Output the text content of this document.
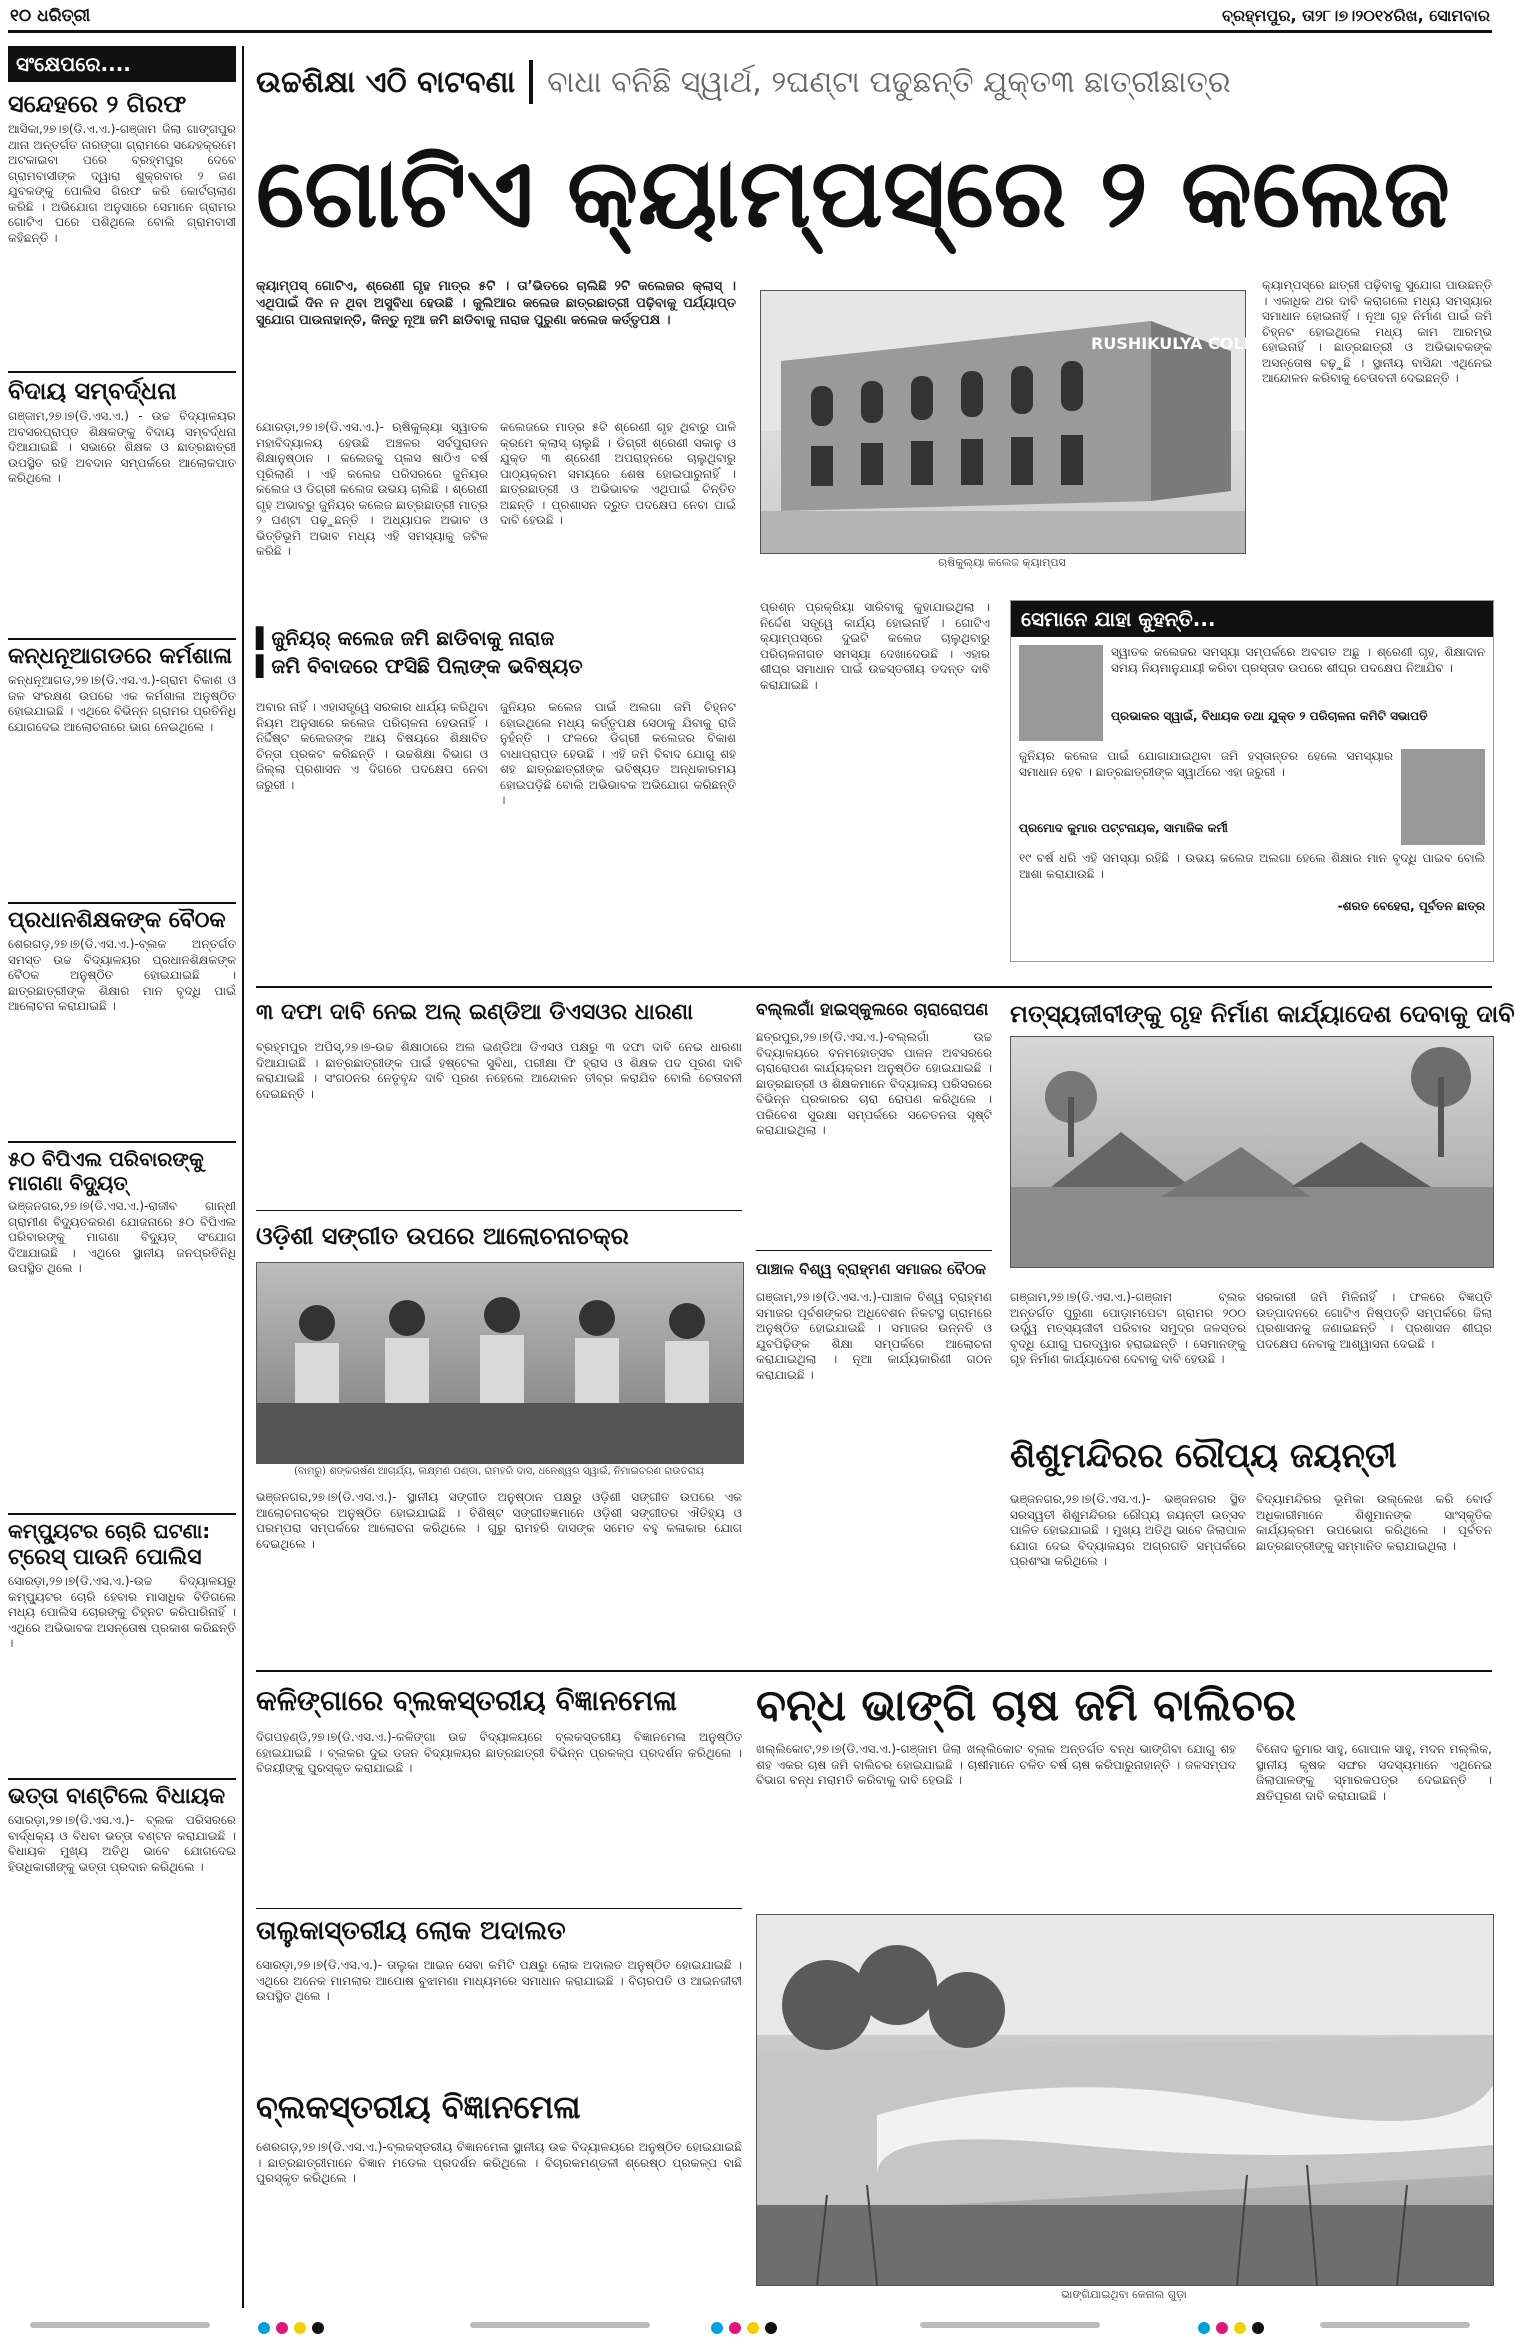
୧୦ ଧରିତ୍ରୀ	ବ୍ରହ୍ମପୁର, ତା୨୮।୭।୨୦୧୪ରିଖ, ସୋମବାର
ସଂକ୍ଷେପରେ....
ସନ୍ଦେହରେ ୨ ଗିରଫ
ଆସିକା,୨୭।୭(ଡି.ଏ.ଏ.)-ଗଞ୍ଜାମ ଜିଲା ଗାଙ୍ଗପୁର ଥାନା ଅନ୍ତର୍ଗତ ନାରଙ୍ଗା ଗ୍ରାମରେ ସନ୍ଦେହକ୍ରମେ ଅଟକାଇବା ପରେ ବ୍ରହ୍ମପୁର ଦେବେ ଗ୍ରାମବାସୀଙ୍କ ଦ୍ୱାରା ଶୁକ୍ରବାର ୨ ଜଣ ଯୁବକଙ୍କୁ ପୋଲିସ ଗିରଫ କରି କୋର୍ଟଚାଲାଣ କରିଛି । ଅଭିଯୋଗ ଅନୁସାରେ ସେମାନେ ଗ୍ରାମର ଗୋଟିଏ ଘରେ ପଶିଥିଲେ ବୋଲି ଗ୍ରାମବାସୀ କହିଛନ୍ତି ।
ବିଦାୟ ସମ୍ବର୍ଦ୍ଧନା
ଗଞ୍ଜାମ,୨୭।୭(ଡି.ଏସ.ଏ.) - ଉଚ୍ଚ ବିଦ୍ୟାଳୟର ଅବସରପ୍ରାପ୍ତ ଶିକ୍ଷକଙ୍କୁ ବିଦାୟ ସମ୍ବର୍ଦ୍ଧନା ଦିଆଯାଇଛି । ସଭାରେ ଶିକ୍ଷକ ଓ ଛାତ୍ରଛାତ୍ରୀ ଉପସ୍ଥିତ ରହି ଅବଦାନ ସମ୍ପର୍କରେ ଆଲୋକପାତ କରିଥିଲେ ।
କନ୍ଧନୂଆଗଡରେ କର୍ମଶାଳା
କନ୍ଧନୂଆଗଡ,୨୭।୭(ଡି.ଏସ.ଏ.)-ଗ୍ରାମ ବିକାଶ ଓ ଜଳ ସଂରକ୍ଷଣ ଉପରେ ଏକ କର୍ମଶାଳା ଅନୁଷ୍ଠିତ ହୋଇଯାଇଛି । ଏଥିରେ ବିଭିନ୍ନ ଗ୍ରାମର ପ୍ରତିନିଧି ଯୋଗଦେଇ ଆଲୋଚନାରେ ଭାଗ ନେଇଥିଲେ ।
ପ୍ରଧାନଶିକ୍ଷକଙ୍କ ବୈଠକ
ଶେରଗଡ଼,୨୭।୭(ଡି.ଏସ.ଏ.)-ବ୍ଲକ ଅନ୍ତର୍ଗତ ସମସ୍ତ ଉଚ୍ଚ ବିଦ୍ୟାଳୟର ପ୍ରଧାନଶିକ୍ଷକଙ୍କ ବୈଠକ ଅନୁଷ୍ଠିତ ହୋଇଯାଇଛି । ଛାତ୍ରଛାତ୍ରୀଙ୍କ ଶିକ୍ଷାର ମାନ ବୃଦ୍ଧି ପାଇଁ ଆଲୋଚନା କରାଯାଇଛି ।
୫୦ ବିପିଏଲ ପରିବାରଙ୍କୁ ମାଗଣା ବିଦ୍ୟୁତ୍
ଭଞ୍ଜନଗର,୨୭।୭(ଡି.ଏସ.ଏ.)-ରାଜୀବ ଗାନ୍ଧୀ ଗ୍ରାମୀଣ ବିଦ୍ୟୁତକରଣ ଯୋଜନାରେ ୫୦ ବିପିଏଲ ପରିବାରଙ୍କୁ ମାଗଣା ବିଦ୍ୟୁତ୍ ସଂଯୋଗ ଦିଆଯାଇଛି । ଏଥିରେ ସ୍ଥାନୀୟ ଜନପ୍ରତିନିଧି ଉପସ୍ଥିତ ଥିଲେ ।
କମ୍ପ୍ୟୁଟର ଚୋରି ଘଟଣା:
ଟ୍ରେସ୍ ପାଉନି ପୋଲିସ
ସୋରଡ଼ା,୨୭।୭(ଡି.ଏସ.ଏ.)-ଉଚ୍ଚ ବିଦ୍ୟାଳୟରୁ କମ୍ପ୍ୟୁଟର ଚୋରି ହେବାର ମାସାଧିକ ବିତିଗଲେ ମଧ୍ୟ ପୋଲିସ ଚୋରଙ୍କୁ ଚିହ୍ନଟ କରିପାରିନାହିଁ । ଏଥିରେ ଅଭିଭାବକ ଅସନ୍ତୋଷ ପ୍ରକାଶ କରିଛନ୍ତି ।
ଭତ୍ତା ବାଣ୍ଟିଲେ ବିଧାୟକ
ସୋରଡ଼ା,୨୭।୭(ଡି.ଏସ.ଏ.)- ବ୍ଲକ ପରିସରରେ ବାର୍ଦ୍ଧକ୍ୟ ଓ ବିଧବା ଭତ୍ତା ବଣ୍ଟନ କରାଯାଇଛି । ବିଧାୟକ ମୁଖ୍ୟ ଅତିଥି ଭାବେ ଯୋଗଦେଇ ହିତାଧିକାରୀଙ୍କୁ ଭତ୍ତା ପ୍ରଦାନ କରିଥିଲେ ।
ଉଚ୍ଚଶିକ୍ଷା ଏଠି ବାଟବଣା ବାଧା ବନିଛି ସ୍ୱାର୍ଥ, ୨ଘଣ୍ଟା ପଢୁଛନ୍ତି ଯୁକ୍ତ୩ ଛାତ୍ରୀଛାତ୍ର
ଗୋଟିଏ କ୍ୟାମ୍ପସ୍‌ରେ ୨ କଲେଜ
କ୍ୟାମ୍ପସ୍ ଗୋଟିଏ, ଶ୍ରେଣୀ ଗୃହ ମାତ୍ର ୫ଟି । ତା’ଭିତରେ ଚାଲିଛି ୨ଟି କଲେଜର କ୍ଲାସ୍ । ଏଥିପାଇଁ ଦିନ ନ ଥିବା ଅସୁବିଧା ହେଉଛି । କୁଲିଆର କଲେଜ ଛାତ୍ରଛାତ୍ରୀ ପଢ଼ିବାକୁ ପର୍ଯ୍ୟାପ୍ତ ସୁଯୋଗ ପାଉନାହାନ୍ତି, କିନ୍ତୁ ନୂଆ ଜମି ଛାଡିବାକୁ ନାରାଜ ପୁରୁଣା କଲେଜ କର୍ତ୍ତୃପକ୍ଷ ।
ଯୋରଡ଼ା,୨୭।୭(ଡି.ଏସ.ଏ.)- ଋଷିକୁଲ୍ୟା ସ୍ୱାତକ ମହାବିଦ୍ୟାଳୟ ହେଉଛି ଅଞ୍ଚଳର ସର୍ବପୁରାତନ ଶିକ୍ଷାନୁଷ୍ଠାନ । କଲେଜକୁ ପ୍ଲସ ଷାଠିଏ ବର୍ଷ ପୂରିଲାଣି । ଏହି କଲେଜ ପରିସରରେ ଜୁନିୟର କଲେଜ ଓ ଡିଗ୍ରୀ କଲେଜ ଉଭୟ ଚାଲିଛି । ଶ୍ରେଣୀ ଗୃହ ଅଭାବରୁ ଜୁନିୟର କଲେଜ ଛାତ୍ରଛାତ୍ରୀ ମାତ୍ର ୨ ଘଣ୍ଟା ପଢ଼ୁଛନ୍ତି । ଅଧ୍ୟାପକ ଅଭାବ ଓ ଭିତ୍ତିଭୂମି ଅଭାବ ମଧ୍ୟ ଏହି ସମସ୍ୟାକୁ ଜଟିଳ କରିଛି ।
କଲେଜରେ ମାତ୍ର ୫ଟି ଶ୍ରେଣୀ ଗୃହ ଥିବାରୁ ପାଳି କ୍ରମେ କ୍ଲାସ୍ ଚାଲୁଛି । ଡିଗ୍ରୀ ଶ୍ରେଣୀ ସକାଳୁ ଓ ଯୁକ୍ତ ୩ ଶ୍ରେଣୀ ଅପରାହ୍ନରେ ଚାଲୁଥିବାରୁ ପାଠ୍ୟକ୍ରମ ସମୟରେ ଶେଷ ହୋଇପାରୁନାହିଁ । ଛାତ୍ରଛାତ୍ରୀ ଓ ଅଭିଭାବକ ଏଥିପାଇଁ ଚିନ୍ତିତ ଅଛନ୍ତି । ପ୍ରଶାସନ ଦ୍ରୁତ ପଦକ୍ଷେପ ନେବା ପାଇଁ ଦାବି ହେଉଛି ।
RUSHIKULYA COLLEGE
ଋଷିକୁଲ୍ୟା କଲେଜ କ୍ୟାମ୍ପସ
କ୍ୟାମ୍ପସ୍‌ରେ ଛାତ୍ରୀ ପଢ଼ିବାକୁ ସୁଯୋଗ ପାଉଛନ୍ତି । ଏକାଧିକ ଥର ଦାବି କରାଗଲେ ମଧ୍ୟ ସମସ୍ୟାର ସମାଧାନ ହୋଇନାହିଁ । ନୂଆ ଗୃହ ନିର୍ମାଣ ପାଇଁ ଜମି ଚିହ୍ନଟ ହୋଇଥିଲେ ମଧ୍ୟ କାମ ଆରମ୍ଭ ହୋଇନାହିଁ । ଛାତ୍ରଛାତ୍ରୀ ଓ ଅଭିଭାବକଙ୍କ ଅସନ୍ତୋଷ ବଢ଼ୁଛି । ସ୍ଥାନୀୟ ବାସିନ୍ଦା ଏଥିନେଇ ଆନ୍ଦୋଳନ କରିବାକୁ ଚେତାବନୀ ଦେଇଛନ୍ତି ।
▌ଜୁନିୟର୍ କଲେଜ ଜମି ଛାଡିବାକୁ ନାରାଜ
▌ଜମି ବିବାଦରେ ଫସିଛି ପିଲାଙ୍କ ଭବିଷ୍ୟତ
ଅବାର ନାହିଁ । ଏହାସତ୍ତ୍ୱେ ସରକାର ଧାର୍ଯ୍ୟ କରିଥିବା ନିୟମ ଅନୁସାରେ କଲେଜ ପରିଚାଳନା ହେଉନାହିଁ । ନିର୍ଦ୍ଦିଷ୍ଟ କଲେଜଙ୍କ ଆୟ ବିଷୟରେ ଶିକ୍ଷାବିତ ଚିନ୍ତା ପ୍ରକଟ କରିଛନ୍ତି । ଉଚ୍ଚଶିକ୍ଷା ବିଭାଗ ଓ ଜିଲ୍ଲା ପ୍ରଶାସନ ଏ ଦିଗରେ ପଦକ୍ଷେପ ନେବା ଜରୁରୀ ।
ଜୁନିୟର କଲେଜ ପାଇଁ ଅଲଗା ଜମି ଚିହ୍ନଟ ହୋଇଥିଲେ ମଧ୍ୟ କର୍ତ୍ତୃପକ୍ଷ ସେଠାକୁ ଯିବାକୁ ରାଜି ନୁହଁନ୍ତି । ଫଳରେ ଡିଗ୍ରୀ କଲେଜର ବିକାଶ ବାଧାପ୍ରାପ୍ତ ହେଉଛି । ଏହି ଜମି ବିବାଦ ଯୋଗୁ ଶହ ଶହ ଛାତ୍ରଛାତ୍ରୀଙ୍କ ଭବିଷ୍ୟତ ଅନ୍ଧକାରମୟ ହୋଇପଡ଼ିଛି ବୋଲି ଅଭିଭାବକ ଅଭିଯୋଗ କରିଛନ୍ତି ।
ପ୍ରଶ୍ନ ପ୍ରକ୍ରିୟା ସାରିବାକୁ କୁହାଯାଇଥିଲା । ନିର୍ଦ୍ଦେଶ ସତ୍ତ୍ୱେ କାର୍ଯ୍ୟ ହୋଇନାହିଁ । ଗୋଟିଏ କ୍ୟାମ୍ପସ୍‌ରେ ଦୁଇଟି କଲେଜ ଚାଲୁଥିବାରୁ ପରିଚାଳନାଗତ ସମସ୍ୟା ଦେଖାଦେଉଛି । ଏହାର ଶୀଘ୍ର ସମାଧାନ ପାଇଁ ଉଚ୍ଚସ୍ତରୀୟ ତଦନ୍ତ ଦାବି କରାଯାଇଛି ।
ସେମାନେ ଯାହା କୁହନ୍ତି...
ସ୍ୱାତକ କଲେଜର ସମସ୍ୟା ସମ୍ପର୍କରେ ଅବଗତ ଅଛୁ । ଶ୍ରେଣୀ ଗୃହ, ଶିକ୍ଷାଦାନ ସମୟ ନିୟମାନୁଯାୟୀ କରିବା ପ୍ରସ୍ତାବ ଉପରେ ଶୀଘ୍ର ପଦକ୍ଷେପ ନିଆଯିବ ।
ପ୍ରଭାକର ସ୍ୱାଇଁ, ବିଧାୟକ ତଥା ଯୁକ୍ତ ୨ ପରିଚାଳନା କମିଟି ସଭାପତି
ଜୁନିୟର କଲେଜ ପାଇଁ ଯୋଗାଯାଇଥିବା ଜମି ହସ୍ତାନ୍ତର ହେଲେ ସମସ୍ୟାର ସମାଧାନ ହେବ । ଛାତ୍ରଛାତ୍ରୀଙ୍କ ସ୍ୱାର୍ଥରେ ଏହା ଜରୁରୀ ।
ପ୍ରମୋଦ କୁମାର ପଟ୍ଟନାୟକ, ସାମାଜିକ କର୍ମୀ
୧୯ ବର୍ଷ ଧରି ଏହି ସମସ୍ୟା ରହିଛି । ଉଭୟ କଲେଜ ଅଲଗା ହେଲେ ଶିକ୍ଷାର ମାନ ବୃଦ୍ଧି ପାଇବ ବୋଲି ଆଶା କରାଯାଉଛି ।
-ଶରତ ବେହେରା, ପୂର୍ବତନ ଛାତ୍ର
୩ ଦଫା ଦାବି ନେଇ ଅଲ୍ ଇଣ୍ଡିଆ ଡିଏସଓର ଧାରଣା
ବ୍ରହ୍ମପୁର ଅପିସ୍,୨୭।୭-ଉଚ୍ଚ ଶିକ୍ଷାଠାରେ ଅଲ ଇଣ୍ଡିଆ ଡିଏସଓ ପକ୍ଷରୁ ୩ ଦଫା ଦାବି ନେଇ ଧାରଣା ଦିଆଯାଇଛି । ଛାତ୍ରଛାତ୍ରୀଙ୍କ ପାଇଁ ହଷ୍ଟେଲ ସୁବିଧା, ପରୀକ୍ଷା ଫି ହ୍ରାସ ଓ ଶିକ୍ଷକ ପଦ ପୂରଣ ଦାବି କରାଯାଇଛି । ସଂଗଠନର ନେତୃବୃନ୍ଦ ଦାବି ପୂରଣ ନହେଲେ ଆନ୍ଦୋଳନ ତୀବ୍ର କରାଯିବ ବୋଲି ଚେତାବନୀ ଦେଇଛନ୍ତି ।
ବଲ୍ଲଗାଁ ହାଇସ୍କୁଲରେ ଚାରାରୋପଣ
ଛତ୍ରପୁର,୨୭।୭(ଡି.ଏସ.ଏ.)-ବଲ୍ଲଗାଁ ଉଚ୍ଚ ବିଦ୍ୟାଳୟରେ ବନମହୋତ୍ସବ ପାଳନ ଅବସରରେ ଚାରାରୋପଣ କାର୍ଯ୍ୟକ୍ରମ ଅନୁଷ୍ଠିତ ହୋଇଯାଇଛି । ଛାତ୍ରଛାତ୍ରୀ ଓ ଶିକ୍ଷକମାନେ ବିଦ୍ୟାଳୟ ପରିସରରେ ବିଭିନ୍ନ ପ୍ରକାରର ଚାରା ରୋପଣ କରିଥିଲେ । ପରିବେଶ ସୁରକ୍ଷା ସମ୍ପର୍କରେ ସଚେତନତା ସୃଷ୍ଟି କରାଯାଇଥିଲା ।
ମତ୍ସ୍ୟଜୀବୀଙ୍କୁ ଗୃହ ନିର୍ମାଣ କାର୍ଯ୍ୟାଦେଶ ଦେବାକୁ ଦାବି
ଓଡ଼ିଶୀ ସଙ୍ଗୀତ ଉପରେ ଆଲୋଚନାଚକ୍ର
(ବାମରୁ) ଶଙ୍କରର୍ଷଣ ଆଚାର୍ଯ୍ୟ, ଲକ୍ଷ୍ମଣ ପଣ୍ଡା, ରାମହରି ଦାସ, ଧନେଶ୍ୱର ସ୍ୱାଇଁ, ନିମାଇଚରଣ ରାଉତରାୟ
ଭଞ୍ଜନଗର,୨୭।୭(ଡି.ଏସ.ଏ.)- ସ୍ଥାନୀୟ ସଙ୍ଗୀତ ଅନୁଷ୍ଠାନ ପକ୍ଷରୁ ଓଡ଼ିଶୀ ସଙ୍ଗୀତ ଉପରେ ଏକ ଆଲୋଚନାଚକ୍ର ଅନୁଷ୍ଠିତ ହୋଇଯାଇଛି । ବିଶିଷ୍ଟ ସଙ୍ଗୀତଜ୍ଞମାନେ ଓଡ଼ିଶୀ ସଙ୍ଗୀତର ଐତିହ୍ୟ ଓ ପରମ୍ପରା ସମ୍ପର୍କରେ ଆଲୋଚନା କରିଥିଲେ । ଗୁରୁ ରାମହରି ଦାସଙ୍କ ସମେତ ବହୁ କଳାକାର ଯୋଗ ଦେଇଥିଲେ ।
ପାଞ୍ଚାଳ ବିଶ୍ୱ ବ୍ରାହ୍ମଣ ସମାଜର ବୈଠକ
ଗଞ୍ଜାମ,୨୭।୭(ଡି.ଏସ.ଏ.)-ପାଞ୍ଚାଳ ବିଶ୍ୱ ବ୍ରାହ୍ମଣ ସମାଜର ପୂର୍ବଶଙ୍କର ଅଧିବେଶନ ନିକଟସ୍ଥ ଗ୍ରାମରେ ଅନୁଷ୍ଠିତ ହୋଇଯାଇଛି । ସମାଜର ଉନ୍ନତି ଓ ଯୁବପିଢ଼ିଙ୍କ ଶିକ୍ଷା ସମ୍ପର୍କରେ ଆଲୋଚନା କରାଯାଇଥିଲା । ନୂଆ କାର୍ଯ୍ୟକାରିଣୀ ଗଠନ କରାଯାଇଛି ।
ଗଞ୍ଜାମ,୨୭।୭(ଡି.ଏସ.ଏ.)-ଗଞ୍ଜାମ ବ୍ଲକ ଅନ୍ତର୍ଗତ ପୁରୁଣା ପୋଡ଼ାମପେଟା ଗ୍ରାମର ୨୦୦ ଉର୍ଦ୍ଧ୍ୱ ମତ୍ସ୍ୟଜୀବୀ ପରିବାର ସମୁଦ୍ର ଜଳସ୍ତର ବୃଦ୍ଧି ଯୋଗୁ ଘରଦ୍ୱାର ହରାଇଛନ୍ତି । ସେମାନଙ୍କୁ ଗୃହ ନିର୍ମାଣ କାର୍ଯ୍ୟାଦେଶ ଦେବାକୁ ଦାବି ହେଉଛି ।
ସରକାରୀ ଜମି ମିଳିନାହିଁ । ଫଳରେ ବିଜ୍ଞପ୍ତି ଉତ୍ପାଦନରେ ଗୋଟିଏ ନିଷ୍ପତ୍ତି ସମ୍ପର୍କରେ ଜିଲା ପ୍ରଶାସନକୁ ଜଣାଇଛନ୍ତି । ପ୍ରଶାସନ ଶୀଘ୍ର ପଦକ୍ଷେପ ନେବାକୁ ଆଶ୍ୱାସନା ଦେଇଛି ।
ଶିଶୁମନ୍ଦିରର ରୌପ୍ୟ ଜୟନ୍ତୀ
ଭଞ୍ଜନଗର,୨୭।୭(ଡି.ଏସ.ଏ.)- ଭଞ୍ଜନଗର ସ୍ଥିତ ସରସ୍ୱତୀ ଶିଶୁମନ୍ଦିରର ରୌପ୍ୟ ଜୟନ୍ତୀ ଉତ୍ସବ ପାଳିତ ହୋଇଯାଇଛି । ମୁଖ୍ୟ ଅତିଥି ଭାବେ ଜିଲାପାଳ ଯୋଗ ଦେଇ ବିଦ୍ୟାଳୟର ଅଗ୍ରଗତି ସମ୍ପର୍କରେ ପ୍ରଶଂସା କରିଥିଲେ ।
ବିଦ୍ୟାମନ୍ଦିରର ଭୂମିକା ଉଲ୍ଲେଖ କରି ବୋର୍ଡ ଅଧିକାରୀମାନେ ଶିଶୁମାନଙ୍କ ସାଂସ୍କୃତିକ କାର୍ଯ୍ୟକ୍ରମ ଉପଭୋଗ କରିଥିଲେ । ପୂର୍ବତନ ଛାତ୍ରଛାତ୍ରୀଙ୍କୁ ସମ୍ମାନିତ କରାଯାଇଥିଲା ।
କଳିଙ୍ଗାରେ ବ୍ଲକସ୍ତରୀୟ ବିଜ୍ଞାନମେଳା
ଦିଗପହଣ୍ଡି,୨୭।୭(ଡି.ଏସ.ଏ.)-କଳିଙ୍ଗା ଉଚ୍ଚ ବିଦ୍ୟାଳୟରେ ବ୍ଲକସ୍ତରୀୟ ବିଜ୍ଞାନମେଳା ଅନୁଷ୍ଠିତ ହୋଇଯାଇଛି । ବ୍ଲକର ଦୁଇ ଡଜନ ବିଦ୍ୟାଳୟର ଛାତ୍ରଛାତ୍ରୀ ବିଭିନ୍ନ ପ୍ରକଳ୍ପ ପ୍ରଦର୍ଶନ କରିଥିଲେ । ବିଜୟୀଙ୍କୁ ପୁରସ୍କୃତ କରାଯାଇଛି ।
ବନ୍ଧ ଭାଙ୍ଗି ଚାଷ ଜମି ବାଲିଚର
ଖଲ୍ଲିକୋଟ,୨୭।୭(ଡି.ଏସ.ଏ.)-ଗଞ୍ଜାମ ଜିଲା ଖଲ୍ଲିକୋଟ ବ୍ଲକ ଅନ୍ତର୍ଗତ ବନ୍ଧ ଭାଙ୍ଗିବା ଯୋଗୁ ଶହ ଶହ ଏକର ଚାଷ ଜମି ବାଲିଚର ହୋଇଯାଇଛି । ଚାଷୀମାନେ ଚଳିତ ବର୍ଷ ଚାଷ କରିପାରୁନାହାନ୍ତି । ଜଳସମ୍ପଦ ବିଭାଗ ବନ୍ଧ ମରାମତି କରିବାକୁ ଦାବି ହେଉଛି ।
ବିନୋଦ କୁମାର ସାହୁ, ଗୋପାଳ ସାହୁ, ମଦନ ମଲ୍ଲିକ, ସ୍ଥାନୀୟ କୃଷକ ସଙ୍ଘର ସଦସ୍ୟମାନେ ଏଥିନେଇ ଜିଲାପାଳଙ୍କୁ ସ୍ମାରକପତ୍ର ଦେଇଛନ୍ତି । କ୍ଷତିପୂରଣ ଦାବି କରାଯାଇଛି ।
ତାଲୁକାସ୍ତରୀୟ ଲୋକ ଅଦାଲତ
ସୋରଡ଼ା,୨୭।୭(ଡି.ଏସ.ଏ.)- ତାଲୁକା ଆଇନ ସେବା କମିଟି ପକ୍ଷରୁ ଲୋକ ଅଦାଲତ ଅନୁଷ୍ଠିତ ହୋଇଯାଇଛି । ଏଥିରେ ଅନେକ ମାମଲାର ଆପୋଷ ବୁଝାମଣା ମାଧ୍ୟମରେ ସମାଧାନ କରାଯାଇଛି । ବିଚାରପତି ଓ ଆଇନଜୀବୀ ଉପସ୍ଥିତ ଥିଲେ ।
ବ୍ଲକସ୍ତରୀୟ ବିଜ୍ଞାନମେଳା
ଶେରଗଡ଼,୨୭।୭(ଡି.ଏସ.ଏ.)-ବ୍ଲକସ୍ତରୀୟ ବିଜ୍ଞାନମେଳା ସ୍ଥାନୀୟ ଉଚ୍ଚ ବିଦ୍ୟାଳୟରେ ଅନୁଷ୍ଠିତ ହୋଇଯାଇଛି । ଛାତ୍ରଛାତ୍ରୀମାନେ ବିଜ୍ଞାନ ମଡେଲ ପ୍ରଦର୍ଶନ କରିଥିଲେ । ବିଚାରକମଣ୍ଡଳୀ ଶ୍ରେଷ୍ଠ ପ୍ରକଳ୍ପ ବାଛି ପୁରସ୍କୃତ କରିଥିଲେ ।
ଭାଙ୍ଗିଯାଇଥିବା କେନାଲ ଗୁଡ଼ା
